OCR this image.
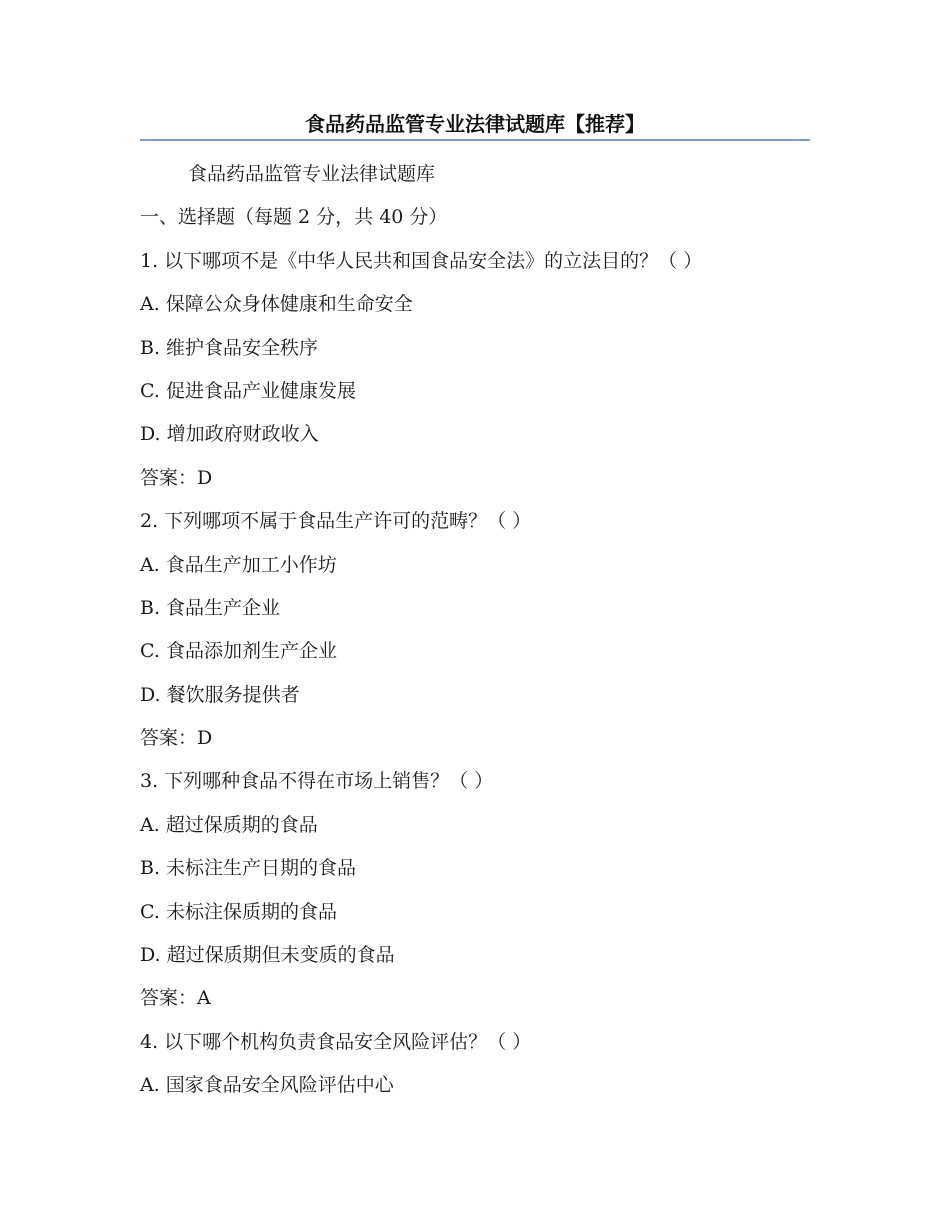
食品药品监管专业法律试题库【推荐】
食品药品监管专业法律试题库
一、选择题（每题 2 分，共 40 分）
1. 以下哪项不是《中华人民共和国食品安全法》的立法目的？（ ）
A. 保障公众身体健康和生命安全
B. 维护食品安全秩序
C. 促进食品产业健康发展
D. 增加政府财政收入
答案：D
2. 下列哪项不属于食品生产许可的范畴？（ ）
A. 食品生产加工小作坊
B. 食品生产企业
C. 食品添加剂生产企业
D. 餐饮服务提供者
答案：D
3. 下列哪种食品不得在市场上销售？（ ）
A. 超过保质期的食品
B. 未标注生产日期的食品
C. 未标注保质期的食品
D. 超过保质期但未变质的食品
答案：A
4. 以下哪个机构负责食品安全风险评估？（ ）
A. 国家食品安全风险评估中心
